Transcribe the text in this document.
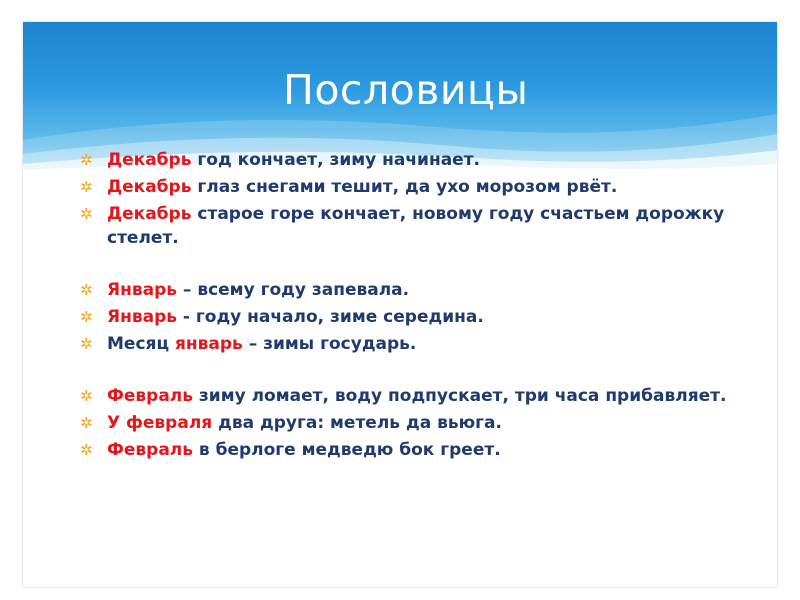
Пословицы
✲ Декабрь год кончает, зиму начинает.
✲ Декабрь глаз снегами тешит, да ухо морозом рвёт.
✲ Декабрь старое горе кончает, новому году счастьем дорожку стелет.
✲ Январь – всему году запевала.
✲ Январь - году начало, зиме середина.
✲ Месяц январь – зимы государь.
✲ Февраль зиму ломает, воду подпускает, три часа прибавляет.
✲ У февраля два друга: метель да вьюга.
✲ Февраль в берлоге медведю бок греет.
